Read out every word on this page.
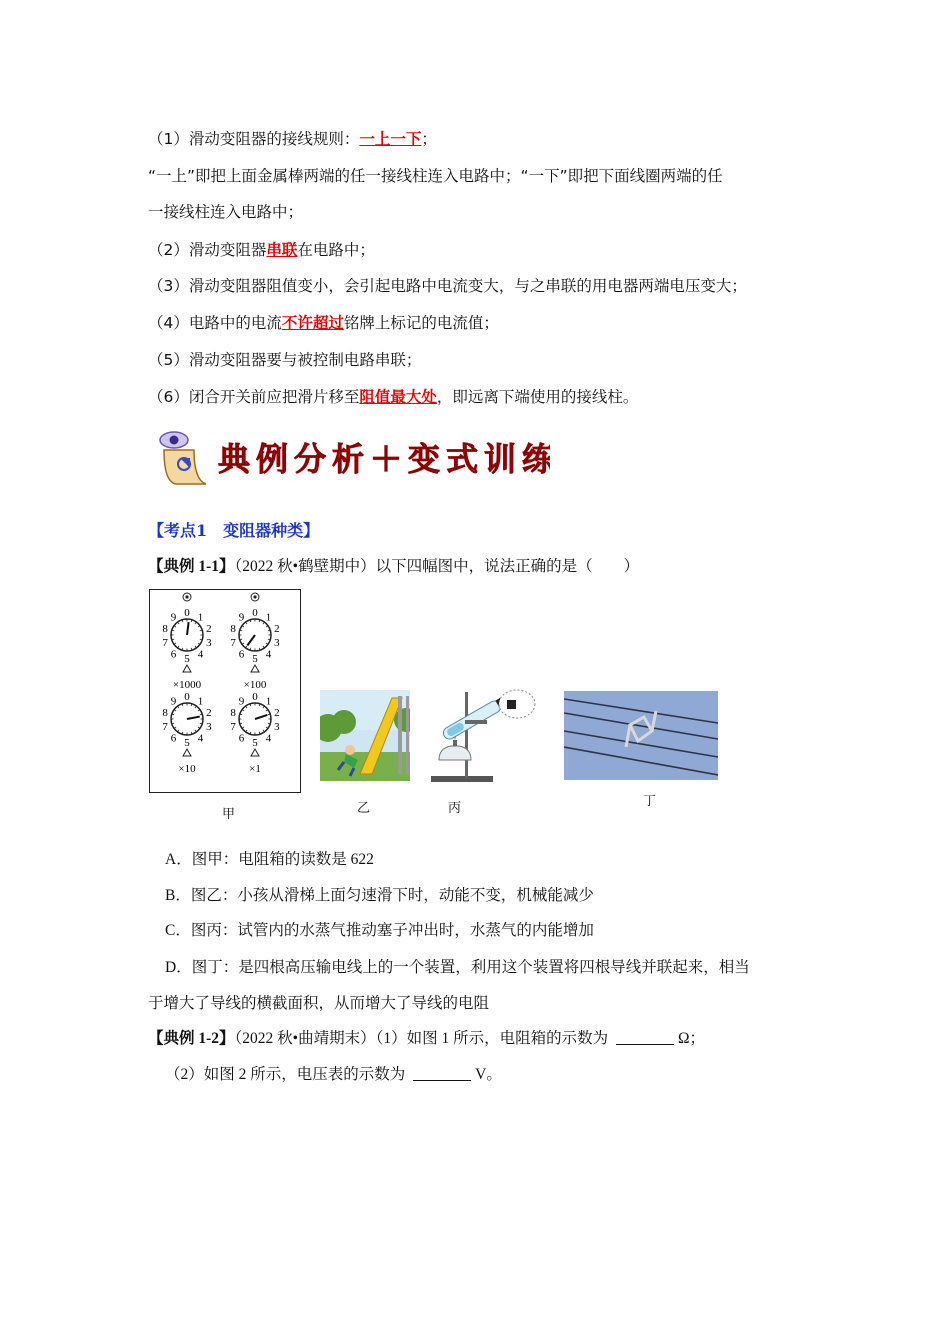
（1）滑动变阻器的接线规则：一上一下；
“一上”即把上面金属棒两端的任一接线柱连入电路中；“一下”即把下面线圈两端的任
一接线柱连入电路中；
（2）滑动变阻器串联在电路中；
（3）滑动变阻器阻值变小，会引起电路中电流变大，与之串联的用电器两端电压变大；
（4）电路中的电流不许超过铭牌上标记的电流值；
（5）滑动变阻器要与被控制电路串联；
（6）闭合开关前应把滑片移至阻值最大处，即远离下端使用的接线柱。
典例分析＋变式训练
【考点1　变阻器种类】
【典例 1-1】（2022 秋•鹤壁期中）以下四幅图中，说法正确的是（　　）
0 1
2
3
4
5
6
7
8
9
×1000
0 1
2
3
4
5
6
7
8
9
×100
0 1
2
3
4
5
6
7
8
9
×10
0 1
2
3
4
5
6
7
8
9
×1
甲	乙	丙	丁
A．图甲：电阻箱的读数是 622
B．图乙：小孩从滑梯上面匀速滑下时，动能不变，机械能减少
C．图丙：试管内的水蒸气推动塞子冲出时，水蒸气的内能增加
D．图丁：是四根高压输电线上的一个装置，利用这个装置将四根导线并联起来，相当
于增大了导线的横截面积，从而增大了导线的电阻
【典例 1-2】（2022 秋•曲靖期末）（1）如图 1 所示，电阻箱的示数为	Ω；
（2）如图 2 所示，电压表的示数为	V。
